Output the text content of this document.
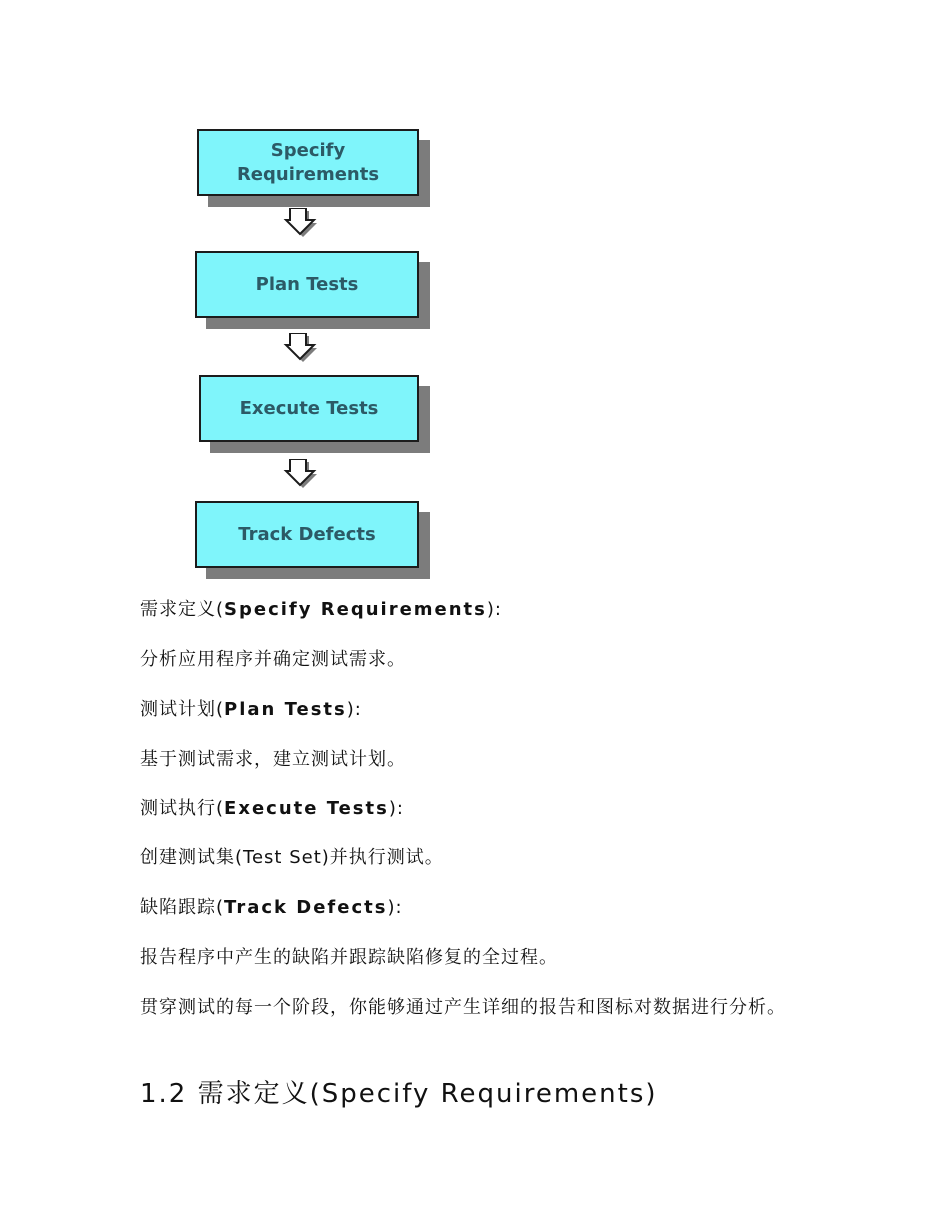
Specify
Requirements
Plan Tests
Execute Tests
Track Defects
需求定义(Specify Requirements):
分析应用程序并确定测试需求。
测试计划(Plan Tests):
基于测试需求，建立测试计划。
测试执行(Execute Tests):
创建测试集(Test Set)并执行测试。
缺陷跟踪(Track Defects):
报告程序中产生的缺陷并跟踪缺陷修复的全过程。
贯穿测试的每一个阶段，你能够通过产生详细的报告和图标对数据进行分析。
1.2 需求定义(Specify Requirements)
